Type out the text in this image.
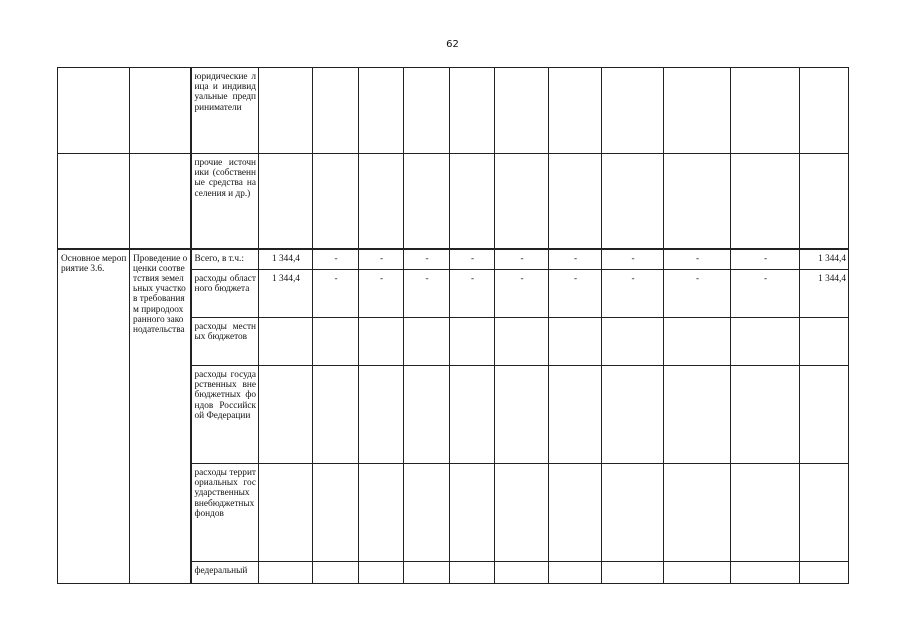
62
		юридические лица и индивидуальные предприниматели											
		прочие источники (собственные средства населения и др.)											
Основное мероприятие 3.6.	Проведение оценки соответствия земельных участков требованиям природоохранного законодательства	Всего, в т.ч.:	1 344,4	-	-	-	-	-	-	-	-	-	1 344,4
		расходы областного бюджета	1 344,4	-	-	-	-	-	-	-	-	-	1 344,4
		расходы местных бюджетов											
		расходы государственных внебюджетных фондов Российской Федерации											
		расходы территориальных государственных внебюджетных фондов											
		федеральный											
